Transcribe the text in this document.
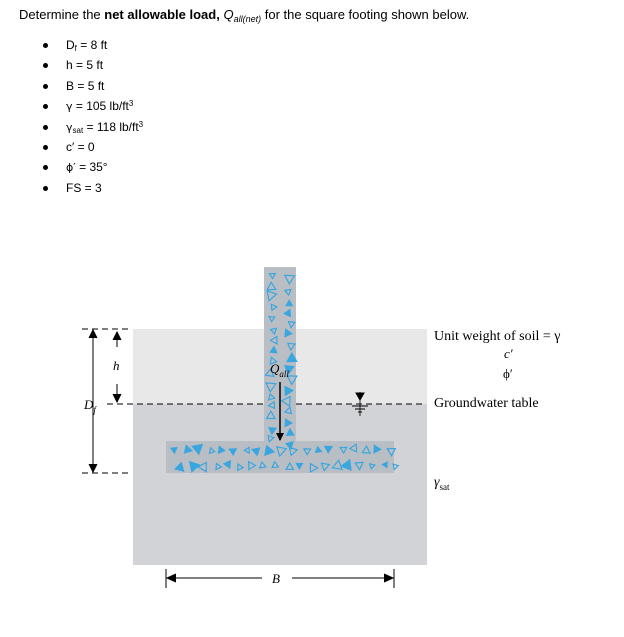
Determine the net allowable load, $Q_{all(net)}$ for the square footing shown below.
$D_f = 8$ ft
h = 5 ft
B = 5 ft
γ = 105 $lb/ft^3$
$\gamma_{sat} = 118$ $lb/ft^3$
c′ = 0
ϕ′ = 35°
FS = 3
h
$D_f$
$Q_{all}$
B
Unit weight of soil = γ
c′
ϕ′
Groundwater table
$\gamma_{sat}$
